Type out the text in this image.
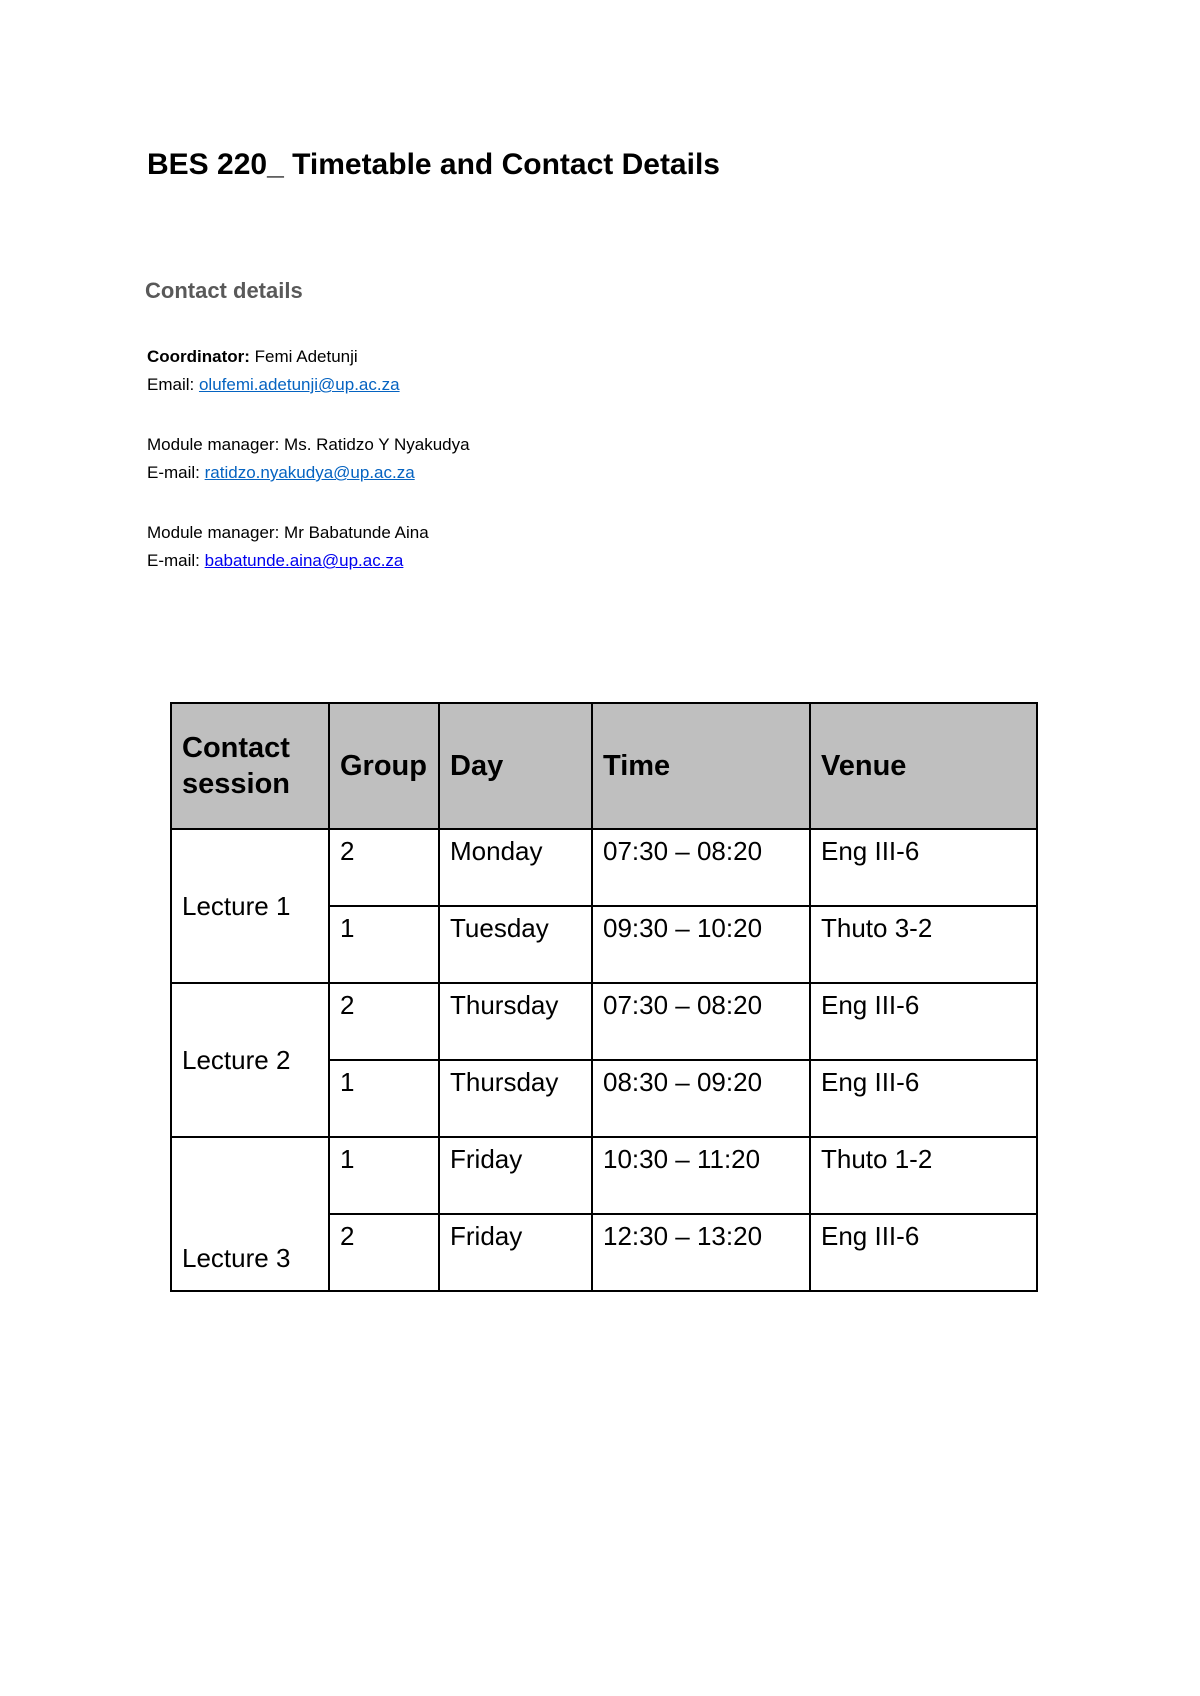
BES 220_ Timetable and Contact Details
Contact details
Coordinator: Femi Adetunji
Email: olufemi.adetunji@up.ac.za
Module manager: Ms. Ratidzo Y Nyakudya
E-mail: ratidzo.nyakudya@up.ac.za
Module manager: Mr Babatunde Aina
E-mail: babatunde.aina@up.ac.za
Contact session	Group	Day	Time	Venue
Lecture 1	2	Monday	07:30 – 08:20	Eng III-6
	1	Tuesday	09:30 – 10:20	Thuto 3-2
Lecture 2	2	Thursday	07:30 – 08:20	Eng III-6
	1	Thursday	08:30 – 09:20	Eng III-6
Lecture 3	1	Friday	10:30 – 11:20	Thuto 1-2
	2	Friday	12:30 – 13:20	Eng III-6
